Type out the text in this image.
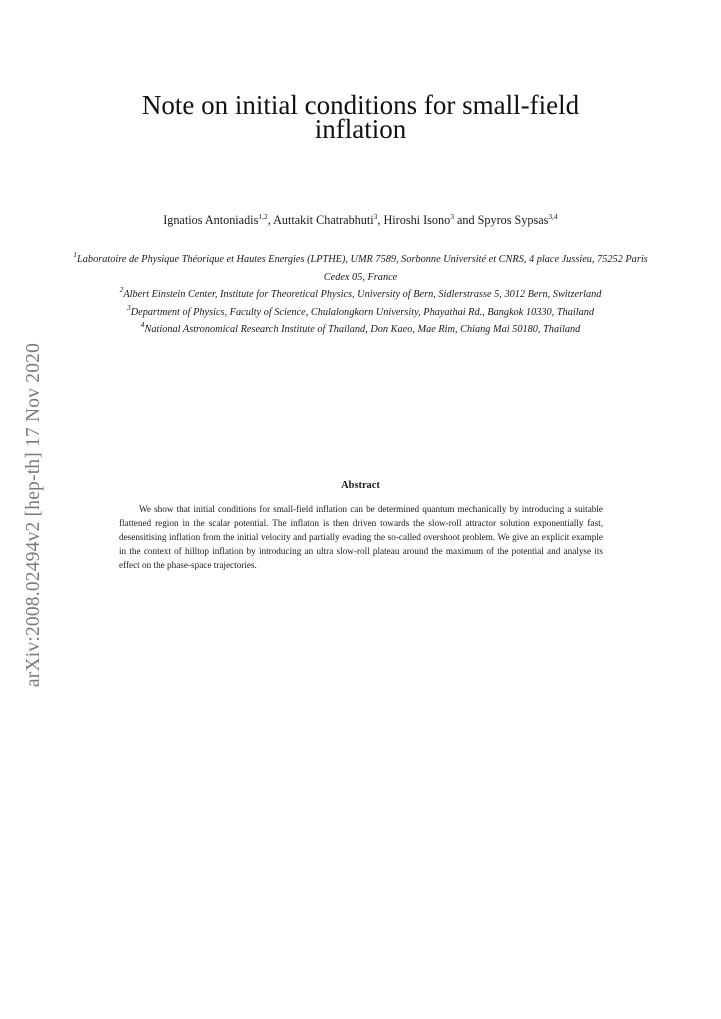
arXiv:2008.02494v2 [hep-th] 17 Nov 2020
Note on initial conditions for small-field
inflation
Ignatios Antoniadis$^{1,2}$, Auttakit Chatrabhuti$^3$, Hiroshi Isono$^3$ and Spyros Sypsas$^{3,4}$

$^1$Laboratoire de Physique Théorique et Hautes Energies (LPTHE), UMR 7589, Sorbonne Université et CNRS, 4 place Jussieu, 75252 Paris Cedex 05, France

$^2$Albert Einstein Center, Institute for Theoretical Physics, University of Bern, Sidlerstrasse 5, 3012 Bern, Switzerland

$^3$Department of Physics, Faculty of Science, Chulalongkorn University, Phayathai Rd., Bangkok 10330, Thailand

$^4$National Astronomical Research Institute of Thailand, Don Kaeo, Mae Rim, Chiang Mai 50180, Thailand

Abstract

We show that initial conditions for small-field inflation can be determined quantum mechanically by introducing a suitable flattened region in the scalar potential. The inflaton is then driven towards the slow-roll attractor solution exponentially fast, desensitising inflation from the initial velocity and partially evading the so-called overshoot problem. We give an explicit example in the context of hilltop inflation by introducing an ultra slow-roll plateau around the maximum of the potential and analyse its effect on the phase-space trajectories.
